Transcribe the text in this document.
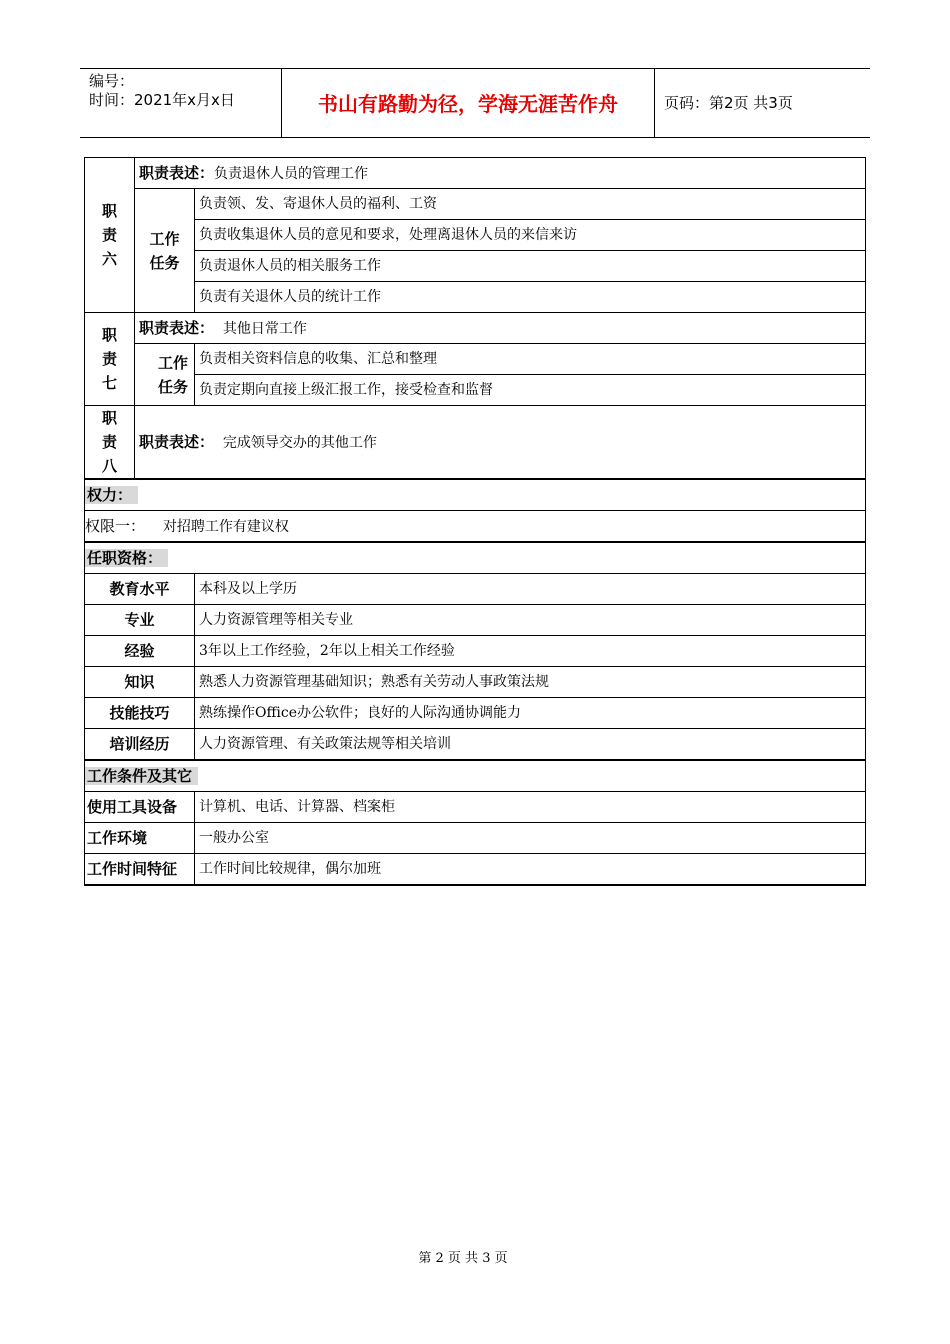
编号：
时间：2021年x月x日	书山有路勤为径，学海无涯苦作舟	页码：第2页 共3页
职
责
六	职责表述：负责退休人员的管理工作	
	工作
任务	负责领、发、寄退休人员的福利、工资
		负责收集退休人员的意见和要求，处理离退休人员的来信来访
		负责退休人员的相关服务工作
		负责有关退休人员的统计工作
职
责
七	职责表述： 其他日常工作	
	工作
任务	负责相关资料信息的收集、汇总和整理
		负责定期向直接上级汇报工作，接受检查和监督
职
责
八	职责表述： 完成领导交办的其他工作	
权力：		
权限一： 对招聘工作有建议权		
任职资格：		
教育水平		本科及以上学历
专业		人力资源管理等相关专业
经验		3年以上工作经验，2年以上相关工作经验
知识		熟悉人力资源管理基础知识；熟悉有关劳动人事政策法规
技能技巧		熟练操作Office办公软件；良好的人际沟通协调能力
培训经历		人力资源管理、有关政策法规等相关培训
工作条件及其它		
使用工具设备		计算机、电话、计算器、档案柜
工作环境		一般办公室
工作时间特征		工作时间比较规律，偶尔加班
第 2 页 共 3 页
